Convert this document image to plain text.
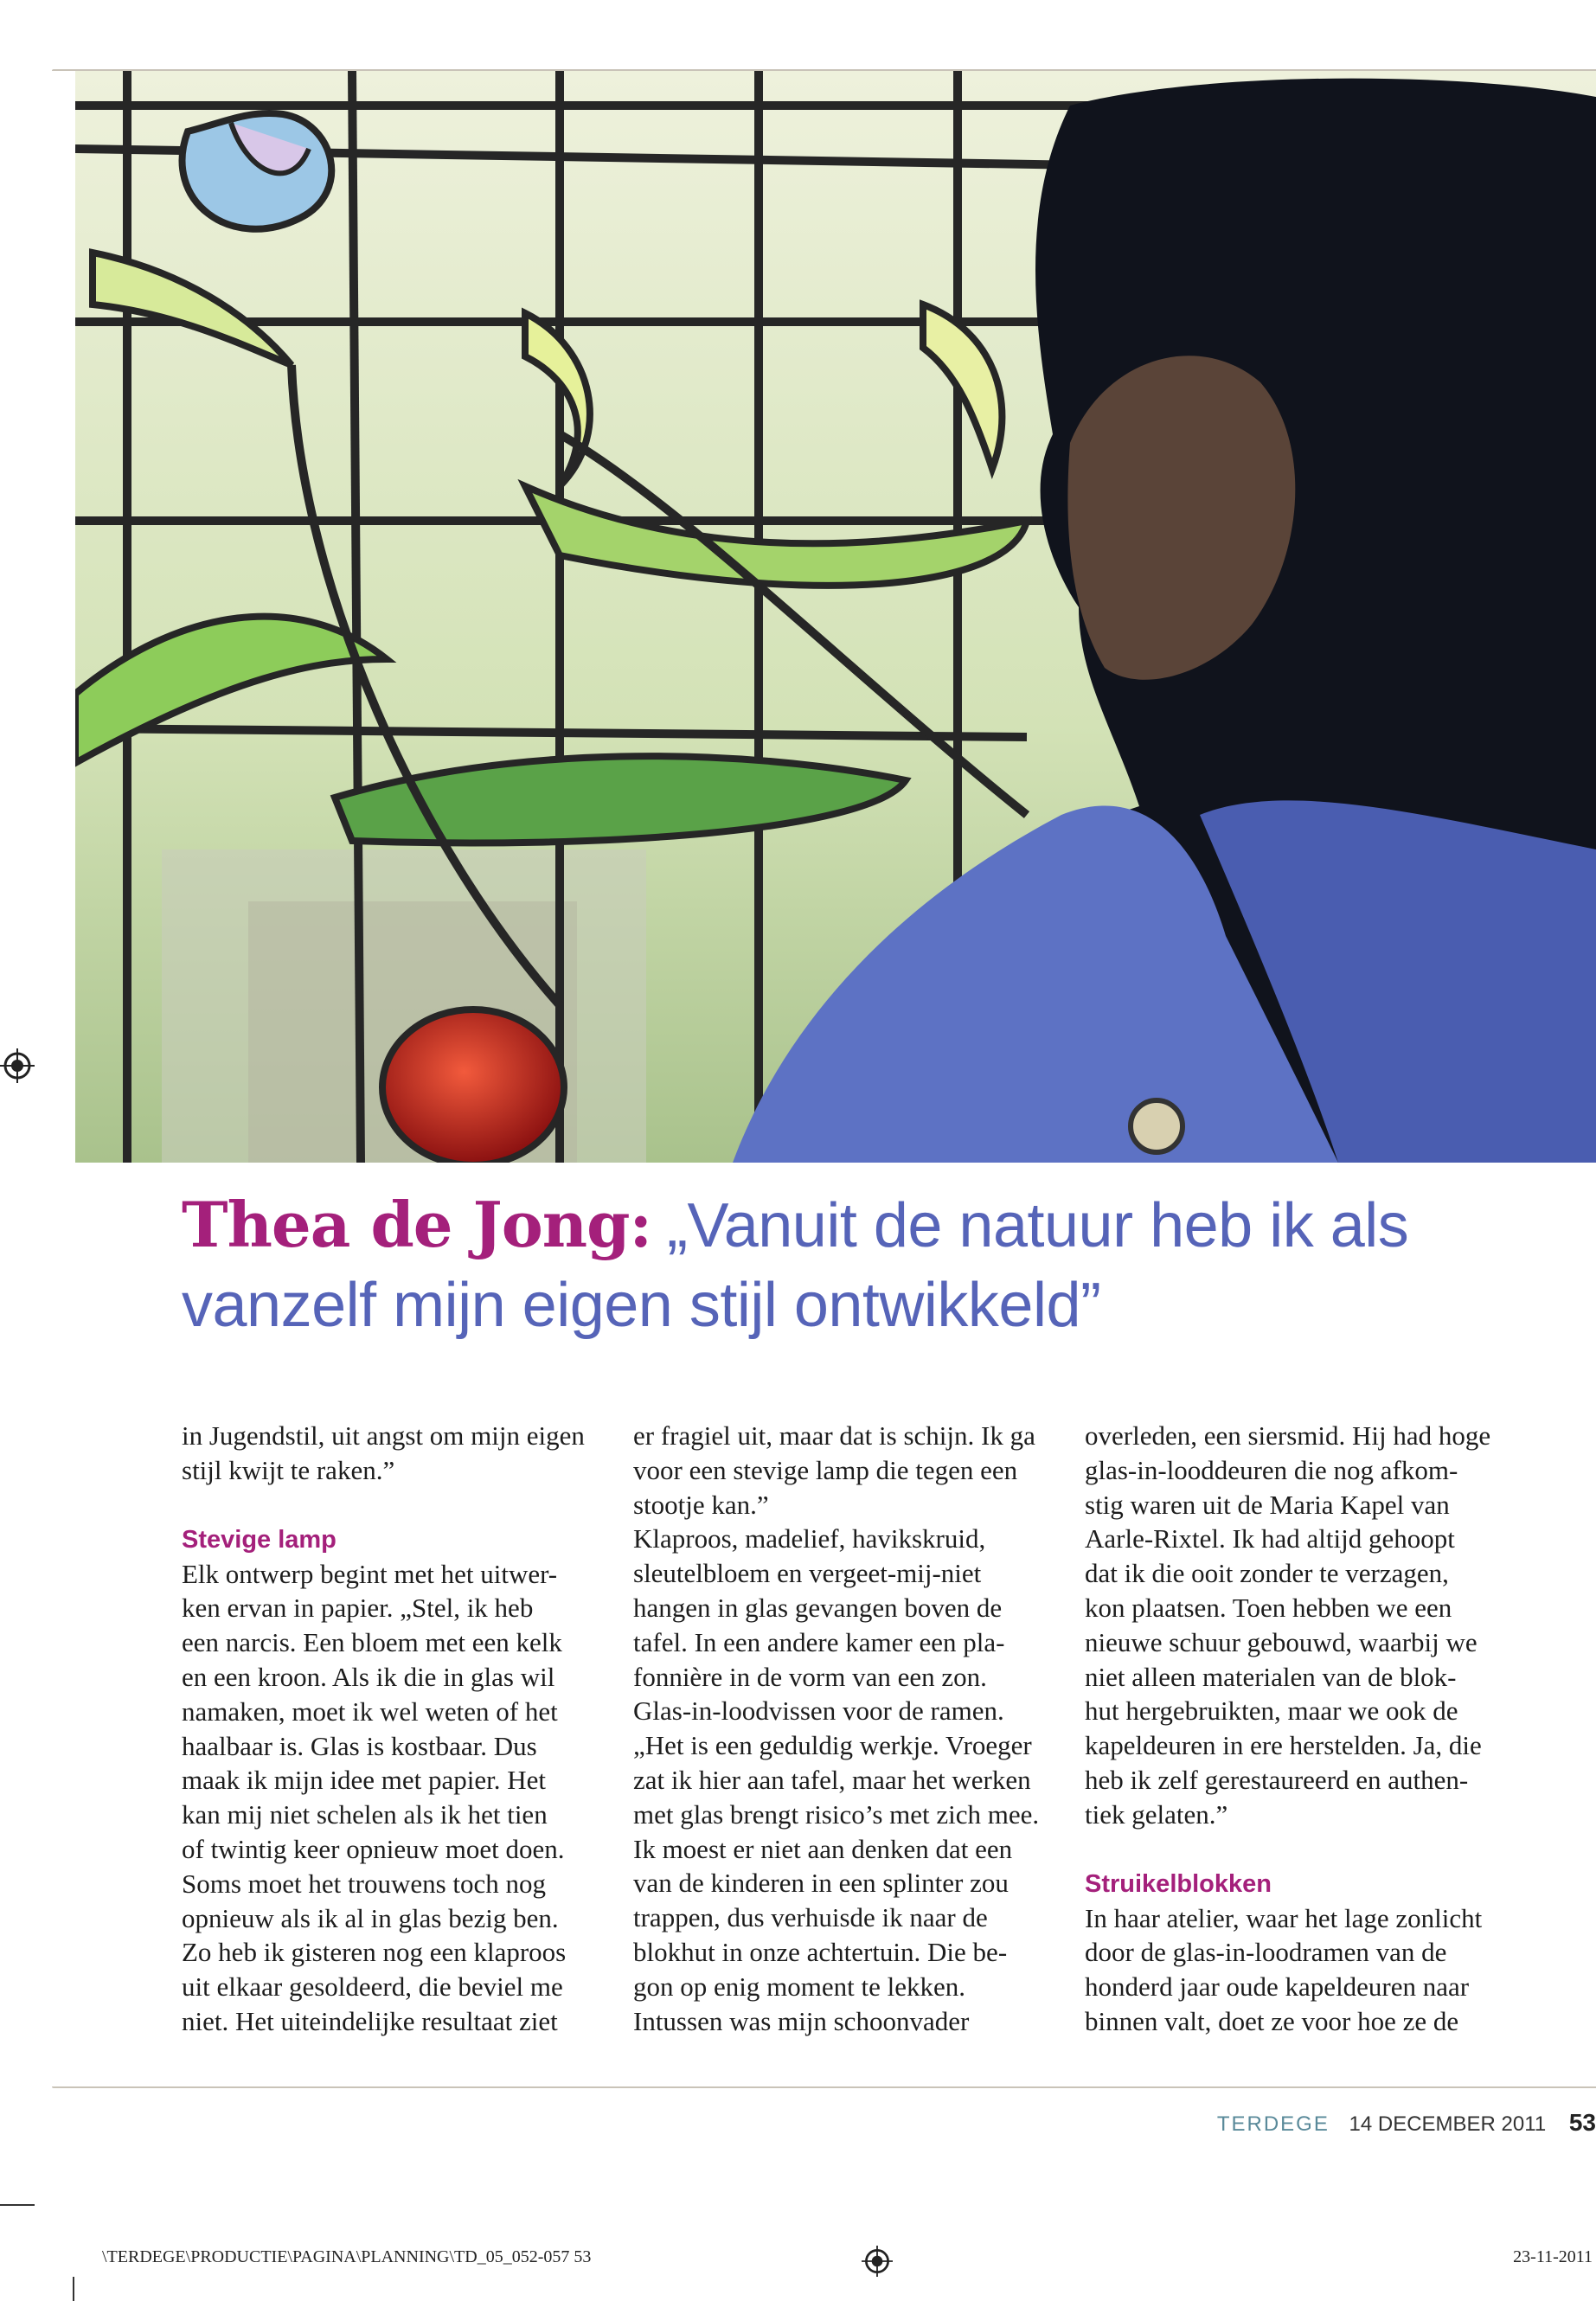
Thea de Jong: „Vanuit de natuur heb ik als
vanzelf mijn eigen stijl ontwikkeld”

in Jugendstil, uit angst om mijn eigen
stijl kwijt te raken.”

Stevige lamp

Elk ontwerp begint met het uitwer-
ken ervan in papier. „Stel, ik heb
een narcis. Een bloem met een kelk
en een kroon. Als ik die in glas wil
namaken, moet ik wel weten of het
haalbaar is. Glas is kostbaar. Dus
maak ik mijn idee met papier. Het
kan mij niet schelen als ik het tien
of twintig keer opnieuw moet doen.
Soms moet het trouwens toch nog
opnieuw als ik al in glas bezig ben.
Zo heb ik gisteren nog een klaproos
uit elkaar gesoldeerd, die beviel me
niet. Het uiteindelijke resultaat ziet

er fragiel uit, maar dat is schijn. Ik ga
voor een stevige lamp die tegen een
stootje kan.”
Klaproos, madelief, havikskruid,
sleutelbloem en vergeet-mij-niet
hangen in glas gevangen boven de
tafel. In een andere kamer een pla-
fonnière in de vorm van een zon.
Glas-in-loodvissen voor de ramen.
„Het is een geduldig werkje. Vroeger
zat ik hier aan tafel, maar het werken
met glas brengt risico’s met zich mee.
Ik moest er niet aan denken dat een
van de kinderen in een splinter zou
trappen, dus verhuisde ik naar de
blokhut in onze achtertuin. Die be-
gon op enig moment te lekken.
Intussen was mijn schoonvader

overleden, een siersmid. Hij had hoge
glas-in-looddeuren die nog afkom-
stig waren uit de Maria Kapel van
Aarle-Rixtel. Ik had altijd gehoopt
dat ik die ooit zonder te verzagen,
kon plaatsen. Toen hebben we een
nieuwe schuur gebouwd, waarbij we
niet alleen materialen van de blok-
hut hergebruikten, maar we ook de
kapeldeuren in ere herstelden. Ja, die
heb ik zelf gerestaureerd en authen-
tiek gelaten.”

Struikelblokken

In haar atelier, waar het lage zonlicht
door de glas-in-loodramen van de
honderd jaar oude kapeldeuren naar
binnen valt, doet ze voor hoe ze de

TERDEGE 14 DECEMBER 2011 53
\TERDEGE\PRODUCTIE\PAGINA\PLANNING\TD_05_052-057 53	23-11-2011
